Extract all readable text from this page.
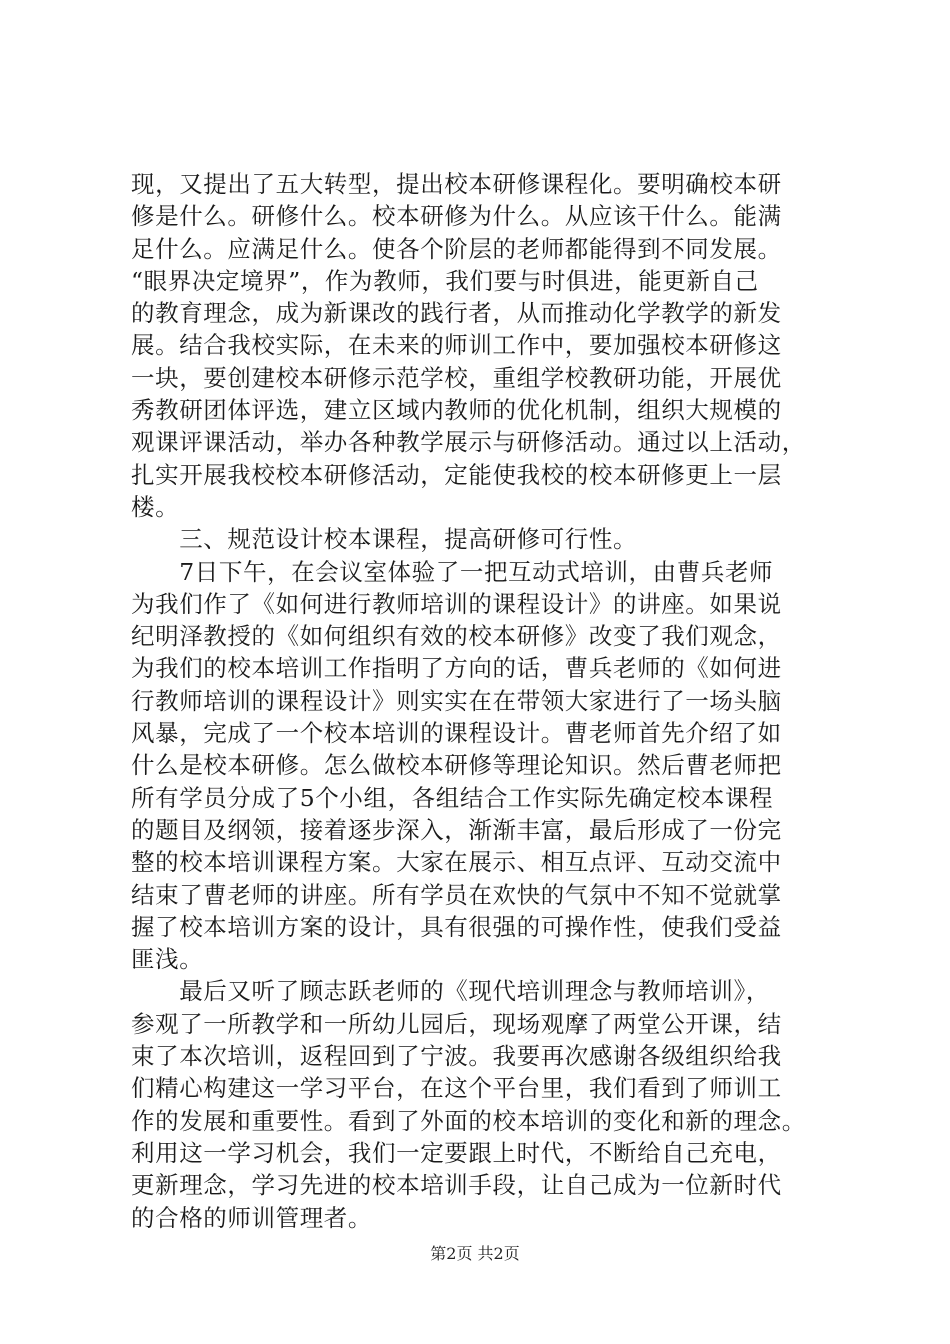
现，又提出了五大转型，提出校本研修课程化。要明确校本研
修是什么。研修什么。校本研修为什么。从应该干什么。能满
足什么。应满足什么。使各个阶层的老师都能得到不同发展。
“眼界决定境界”，作为教师，我们要与时俱进，能更新自己
的教育理念，成为新课改的践行者，从而推动化学教学的新发
展。结合我校实际，在未来的师训工作中，要加强校本研修这
一块，要创建校本研修示范学校，重组学校教研功能，开展优
秀教研团体评选，建立区域内教师的优化机制，组织大规模的
观课评课活动，举办各种教学展示与研修活动。通过以上活动，
扎实开展我校校本研修活动，定能使我校的校本研修更上一层
楼。
　　三、规范设计校本课程，提高研修可行性。
　　7日下午，在会议室体验了一把互动式培训，由曹兵老师
为我们作了《如何进行教师培训的课程设计》的讲座。如果说
纪明泽教授的《如何组织有效的校本研修》改变了我们观念，
为我们的校本培训工作指明了方向的话，曹兵老师的《如何进
行教师培训的课程设计》则实实在在带领大家进行了一场头脑
风暴，完成了一个校本培训的课程设计。曹老师首先介绍了如
什么是校本研修。怎么做校本研修等理论知识。然后曹老师把
所有学员分成了5个小组，各组结合工作实际先确定校本课程
的题目及纲领，接着逐步深入，渐渐丰富，最后形成了一份完
整的校本培训课程方案。大家在展示、相互点评、互动交流中
结束了曹老师的讲座。所有学员在欢快的气氛中不知不觉就掌
握了校本培训方案的设计，具有很强的可操作性，使我们受益
匪浅。
　　最后又听了顾志跃老师的《现代培训理念与教师培训》，
参观了一所教学和一所幼儿园后，现场观摩了两堂公开课，结
束了本次培训，返程回到了宁波。我要再次感谢各级组织给我
们精心构建这一学习平台，在这个平台里，我们看到了师训工
作的发展和重要性。看到了外面的校本培训的变化和新的理念。
利用这一学习机会，我们一定要跟上时代，不断给自己充电，
更新理念，学习先进的校本培训手段，让自己成为一位新时代
的合格的师训管理者。
第2页 共2页
